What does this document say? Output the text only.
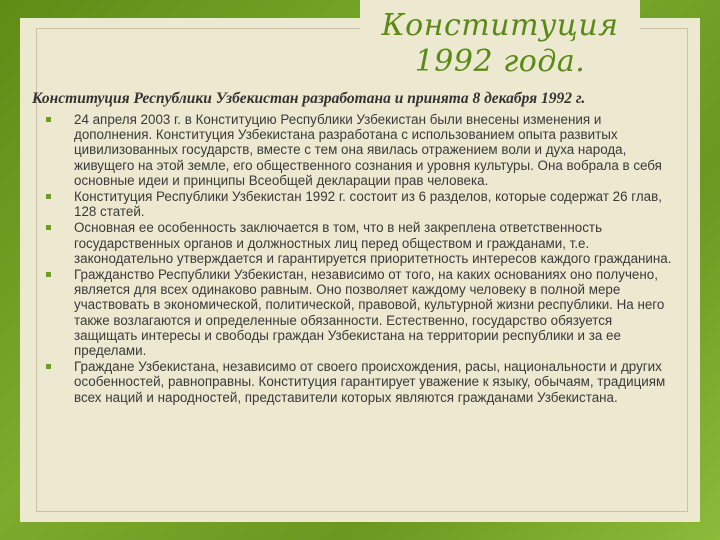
Конституция
1992 года.
Конституция Республики Узбекистан разработана и принята 8 декабря 1992 г.
24 апреля 2003 г. в Конституцию Республики Узбекистан были внесены изменения и дополнения. Конституция Узбекистана разработана с использованием опыта развитых цивилизованных государств, вместе с тем она явилась отражением воли и духа народа, живущего на этой земле, его общественного сознания и уровня культуры. Она вобрала в себя основные идеи и принципы Всеобщей декларации прав человека.
Конституция Республики Узбекистан 1992 г. состоит из 6 разделов, которые содержат 26 глав, 128 статей.
Основная ее особенность заключается в том, что в ней закреплена ответственность государственных органов и должностных лиц перед обществом и гражданами, т.е. законодательно утверждается и гарантируется приоритетность интересов каждого гражданина.
Гражданство Республики Узбекистан, независимо от того, на каких основаниях оно получено, является для всех одинаково равным. Оно позволяет каждому человеку в полной мере участвовать в экономической, политической, правовой, культурной жизни республики. На него также возлагаются и определенные обязанности. Естественно, государство обязуется защищать интересы и свободы граждан Узбекистана на территории республики и за ее пределами.
Граждане Узбекистана, независимо от своего происхождения, расы, национальности и других особенностей, равноправны. Конституция гарантирует уважение к языку, обычаям, традициям всех наций и народностей, представители которых являются гражданами Узбекистана.
